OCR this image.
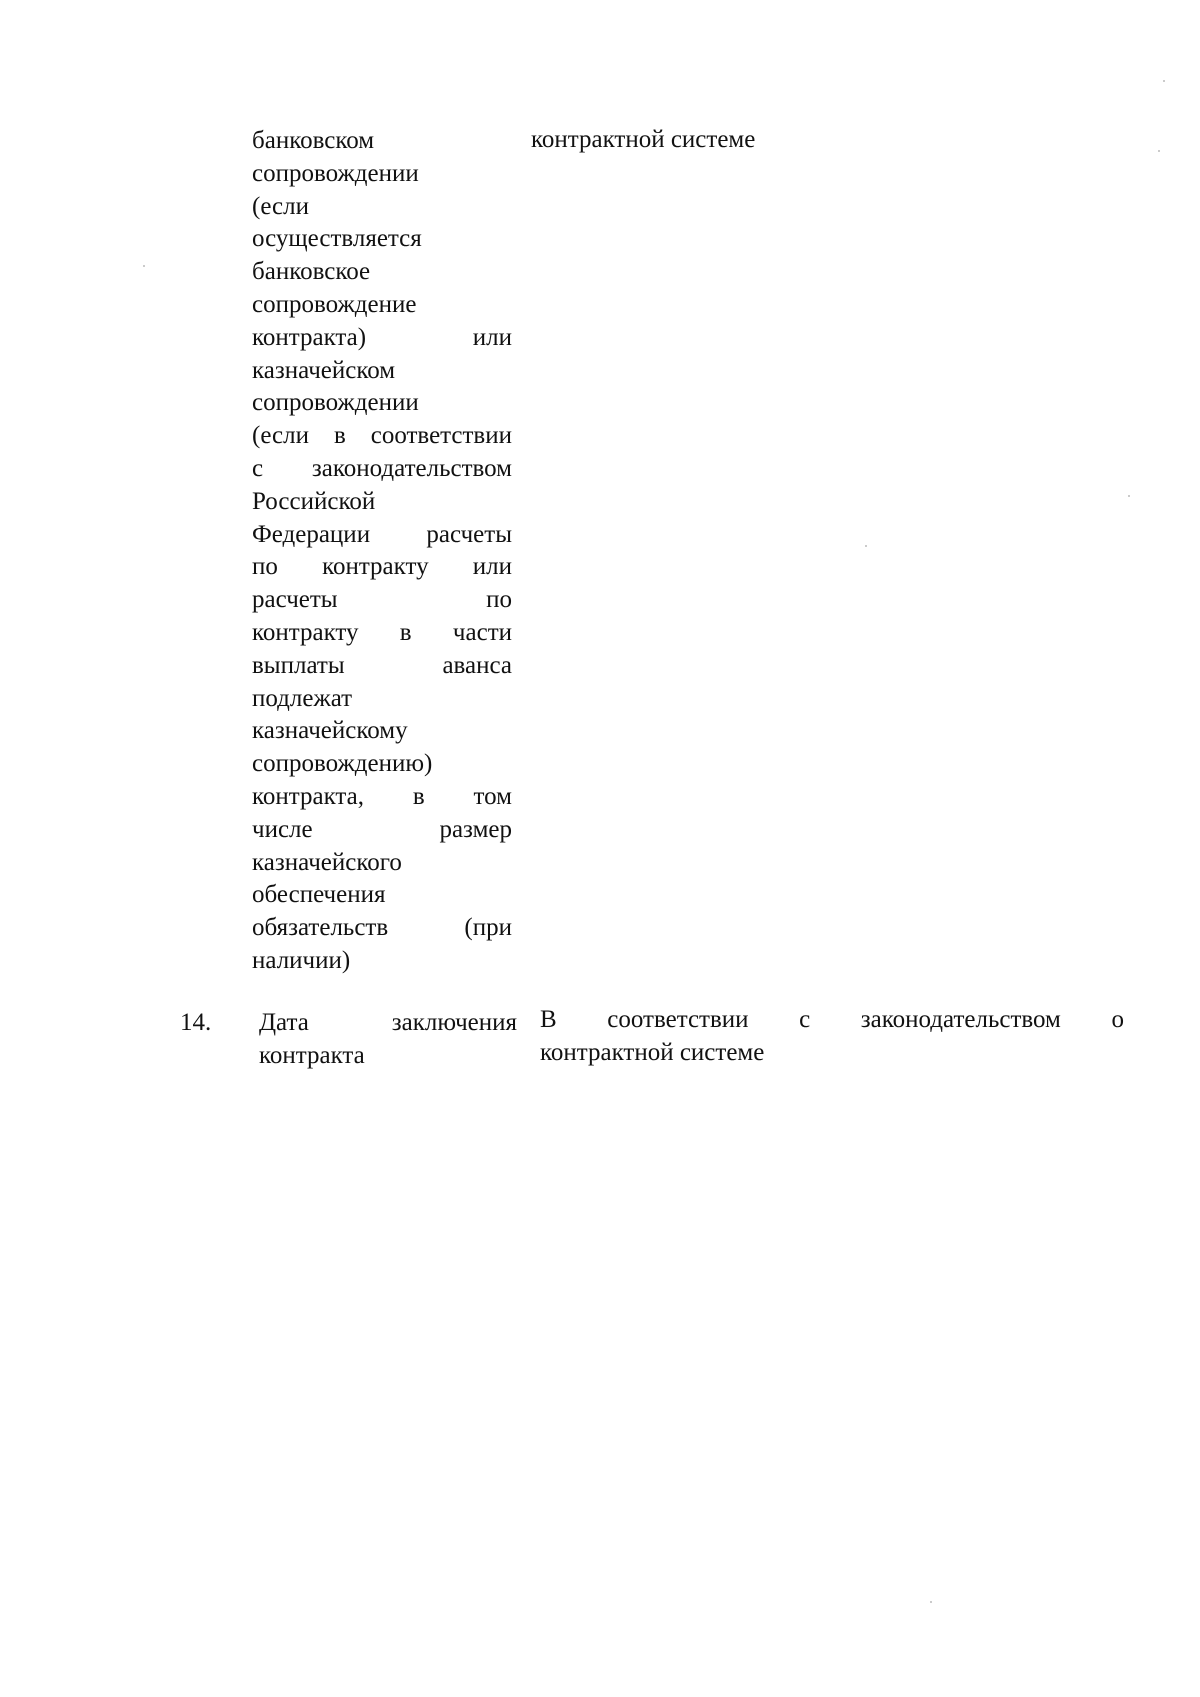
банковском
сопровождении
(если
осуществляется
банковское
сопровождение
контракта) или
казначейском
сопровождении
(если в соответствии
с законодательством
Российской
Федерации расчеты
по контракту или
расчеты по
контракту в части
выплаты аванса
подлежат
казначейскому
сопровождению)
контракта, в том
числе размер
казначейского
обеспечения
обязательств (при
наличии)
контрактной системе
14. Дата заключения
контракта
В соответствии с законодательством о
контрактной системе
